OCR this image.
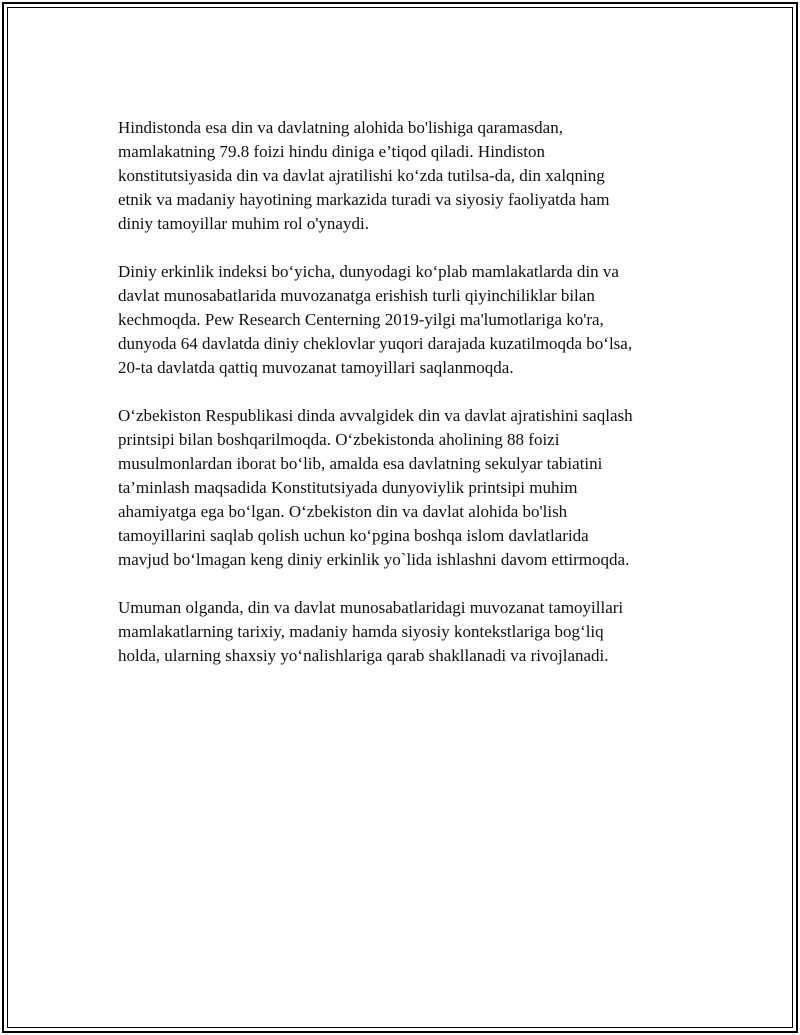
Hindistonda esa din va davlatning alohida bo'lishiga qaramasdan,
mamlakatning 79.8 foizi hindu diniga e’tiqod qiladi. Hindiston
konstitutsiyasida din va davlat ajratilishi ko‘zda tutilsa-da, din xalqning
etnik va madaniy hayotining markazida turadi va siyosiy faoliyatda ham
diniy tamoyillar muhim rol o'ynaydi.

Diniy erkinlik indeksi bo‘yicha, dunyodagi ko‘plab mamlakatlarda din va
davlat munosabatlarida muvozanatga erishish turli qiyinchiliklar bilan
kechmoqda. Pew Research Centerning 2019-yilgi ma'lumotlariga ko'ra,
dunyoda 64 davlatda diniy cheklovlar yuqori darajada kuzatilmoqda bo‘lsa,
20-ta davlatda qattiq muvozanat tamoyillari saqlanmoqda.

O‘zbekiston Respublikasi dinda avvalgidek din va davlat ajratishini saqlash
printsipi bilan boshqarilmoqda. O‘zbekistonda aholining 88 foizi
musulmonlardan iborat bo‘lib, amalda esa davlatning sekulyar tabiatini
ta’minlash maqsadida Konstitutsiyada dunyoviylik printsipi muhim
ahamiyatga ega bo‘lgan. O‘zbekiston din va davlat alohida bo'lish
tamoyillarini saqlab qolish uchun ko‘pgina boshqa islom davlatlarida
mavjud bo‘lmagan keng diniy erkinlik yo`lida ishlashni davom ettirmoqda.

Umuman olganda, din va davlat munosabatlaridagi muvozanat tamoyillari
mamlakatlarning tarixiy, madaniy hamda siyosiy kontekstlariga bog‘liq
holda, ularning shaxsiy yo‘nalishlariga qarab shakllanadi va rivojlanadi.
